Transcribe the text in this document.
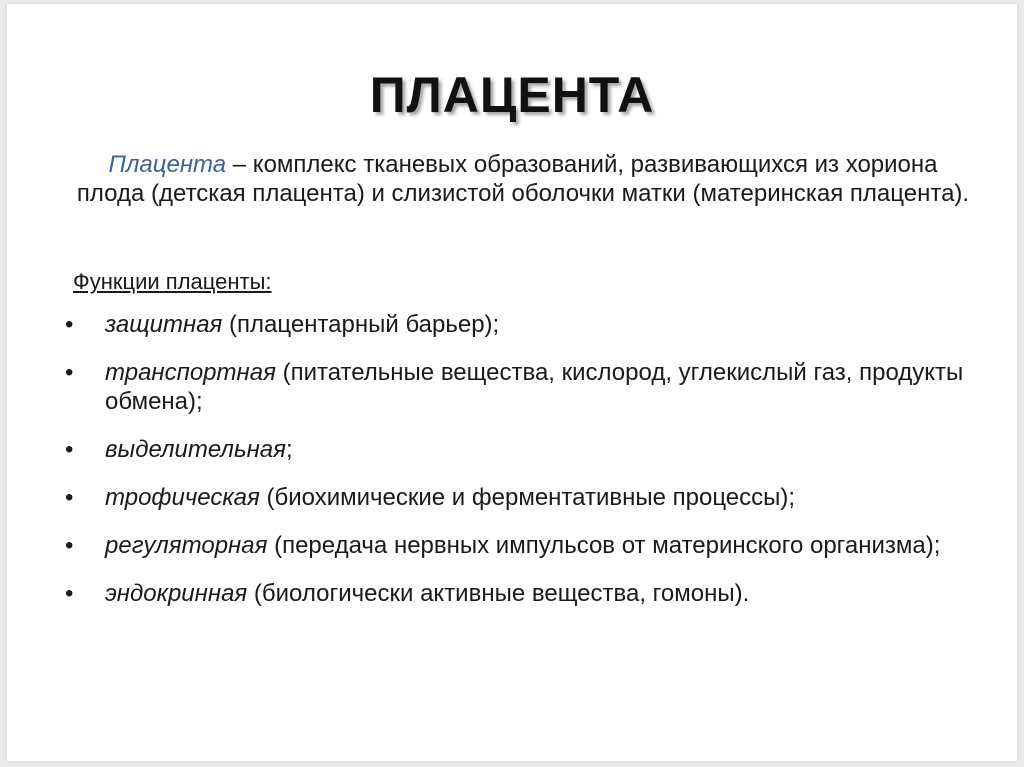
ПЛАЦЕНТА
Плацента – комплекс тканевых образований, развивающихся из хориона плода (детская плацента) и слизистой оболочки матки (материнская плацента).
Функции плаценты:
• защитная (плацентарный барьер);
• транспортная (питательные вещества, кислород, углекислый газ, продукты обмена);
• выделительная;
• трофическая (биохимические и ферментативные процессы);
• регуляторная (передача нервных импульсов от материнского организма);
• эндокринная (биологически активные вещества, гомоны).
